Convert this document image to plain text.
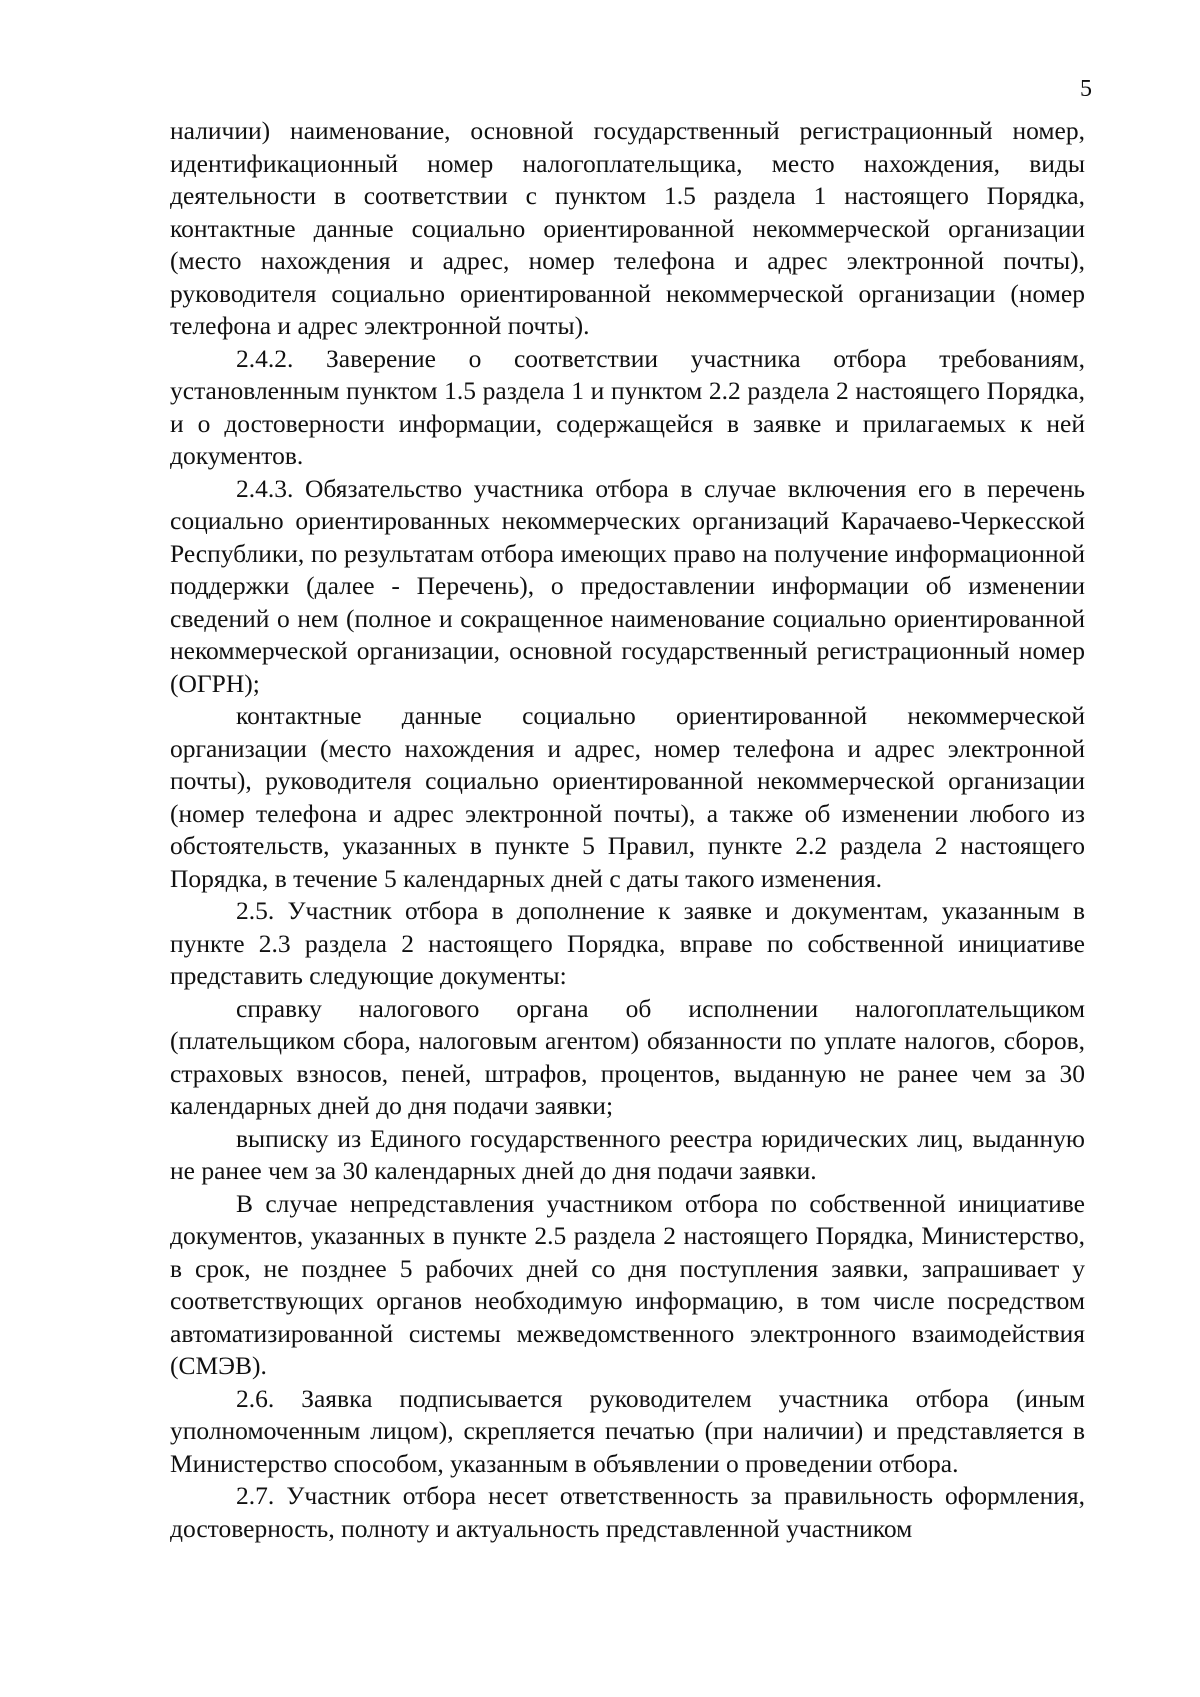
5

наличии) наименование, основной государственный регистрационный номер, идентификационный номер налогоплательщика, место нахождения, виды деятельности в соответствии с пунктом 1.5 раздела 1 настоящего Порядка, контактные данные социально ориентированной некоммерческой организации (место нахождения и адрес, номер телефона и адрес электронной почты), руководителя социально ориентированной некоммерческой организации (номер телефона и адрес электронной почты).

2.4.2. Заверение о соответствии участника отбора требованиям, установленным пунктом 1.5 раздела 1 и пунктом 2.2 раздела 2 настоящего Порядка, и о достоверности информации, содержащейся в заявке и прилагаемых к ней документов.

2.4.3. Обязательство участника отбора в случае включения его в перечень социально ориентированных некоммерческих организаций Карачаево-Черкесской Республики, по результатам отбора имеющих право на получение информационной поддержки (далее - Перечень), о предоставлении информации об изменении сведений о нем (полное и сокращенное наименование социально ориентированной некоммерческой организации, основной государственный регистрационный номер (ОГРН);

контактные данные социально ориентированной некоммерческой организации (место нахождения и адрес, номер телефона и адрес электронной почты), руководителя социально ориентированной некоммерческой организации (номер телефона и адрес электронной почты), а также об изменении любого из обстоятельств, указанных в пункте 5 Правил, пункте 2.2 раздела 2 настоящего Порядка, в течение 5 календарных дней с даты такого изменения.

2.5. Участник отбора в дополнение к заявке и документам, указанным в пункте 2.3 раздела 2 настоящего Порядка, вправе по собственной инициативе представить следующие документы:

справку налогового органа об исполнении налогоплательщиком (плательщиком сбора, налоговым агентом) обязанности по уплате налогов, сборов, страховых взносов, пеней, штрафов, процентов, выданную не ранее чем за 30 календарных дней до дня подачи заявки;

выписку из Единого государственного реестра юридических лиц, выданную не ранее чем за 30 календарных дней до дня подачи заявки.

В случае непредставления участником отбора по собственной инициативе документов, указанных в пункте 2.5 раздела 2 настоящего Порядка, Министерство, в срок, не позднее 5 рабочих дней со дня поступления заявки, запрашивает у соответствующих органов необходимую информацию, в том числе посредством автоматизированной системы межведомственного электронного взаимодействия (СМЭВ).

2.6. Заявка подписывается руководителем участника отбора (иным уполномоченным лицом), скрепляется печатью (при наличии) и представляется в Министерство способом, указанным в объявлении о проведении отбора.

2.7. Участник отбора несет ответственность за правильность оформления, достоверность, полноту и актуальность представленной участником
